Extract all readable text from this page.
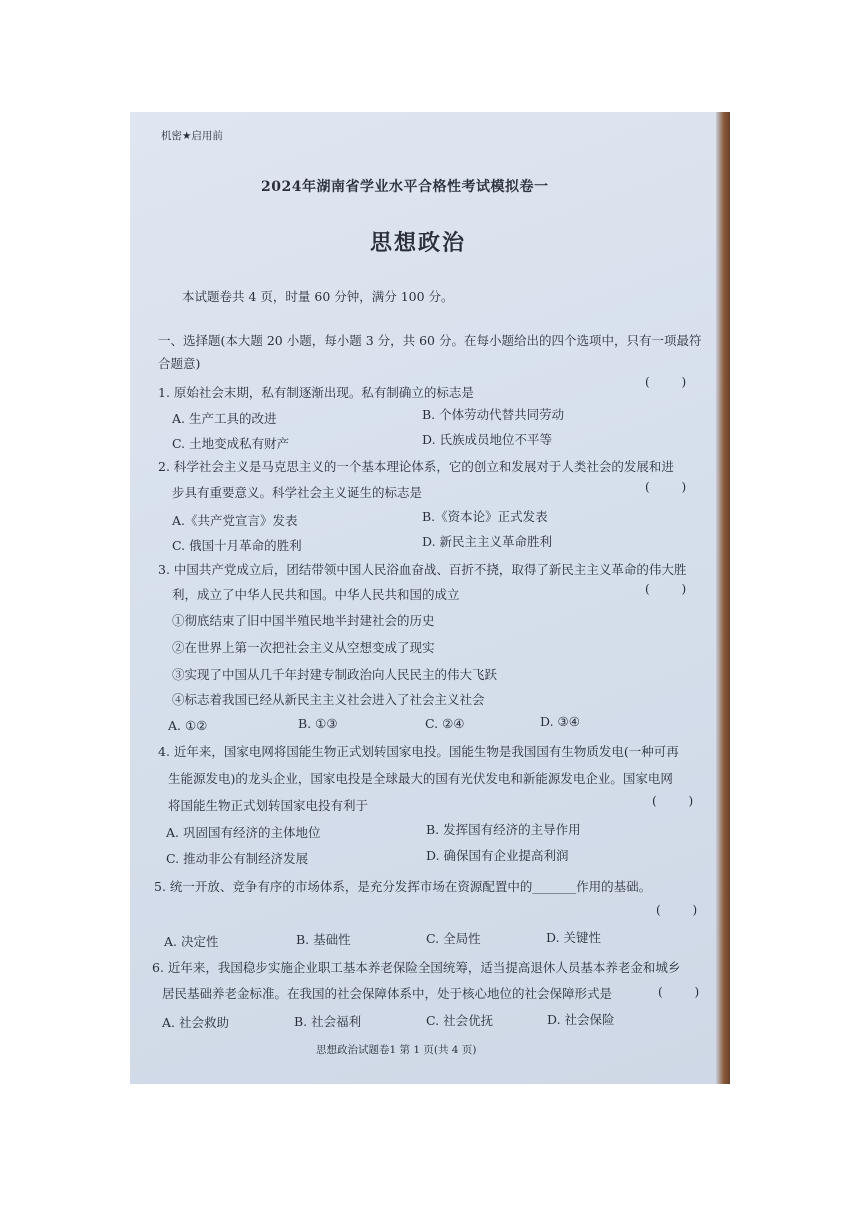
机密★启用前
2024年湖南省学业水平合格性考试模拟卷一
思想政治
本试题卷共 4 页，时量 60 分钟，满分 100 分。
一、选择题(本大题 20 小题，每小题 3 分，共 60 分。在每小题给出的四个选项中，只有一项最符
合题意)
1. 原始社会末期，私有制逐渐出现。私有制确立的标志是
( )
A. 生产工具的改进	B. 个体劳动代替共同劳动
C. 土地变成私有财产	D. 氏族成员地位不平等
2. 科学社会主义是马克思主义的一个基本理论体系，它的创立和发展对于人类社会的发展和进
步具有重要意义。科学社会主义诞生的标志是	( )
A.《共产党宣言》发表	B.《资本论》正式发表
C. 俄国十月革命的胜利	D. 新民主主义革命胜利
3. 中国共产党成立后，团结带领中国人民浴血奋战、百折不挠，取得了新民主主义革命的伟大胜
利，成立了中华人民共和国。中华人民共和国的成立	( )
①彻底结束了旧中国半殖民地半封建社会的历史
②在世界上第一次把社会主义从空想变成了现实
③实现了中国从几千年封建专制政治向人民民主的伟大飞跃
④标志着我国已经从新民主主义社会进入了社会主义社会
A. ①②	B. ①③	C. ②④	D. ③④
4. 近年来，国家电网将国能生物正式划转国家电投。国能生物是我国国有生物质发电(一种可再
生能源发电)的龙头企业，国家电投是全球最大的国有光伏发电和新能源发电企业。国家电网
将国能生物正式划转国家电投有利于	( )
A. 巩固国有经济的主体地位	B. 发挥国有经济的主导作用
C. 推动非公有制经济发展	D. 确保国有企业提高利润
5. 统一开放、竞争有序的市场体系，是充分发挥市场在资源配置中的_______作用的基础。
( )
A. 决定性	B. 基础性	C. 全局性	D. 关键性
6. 近年来，我国稳步实施企业职工基本养老保险全国统筹，适当提高退休人员基本养老金和城乡
居民基础养老金标准。在我国的社会保障体系中，处于核心地位的社会保障形式是	( )
A. 社会救助	B. 社会福利	C. 社会优抚	D. 社会保险
思想政治试题卷1 第 1 页(共 4 页)
